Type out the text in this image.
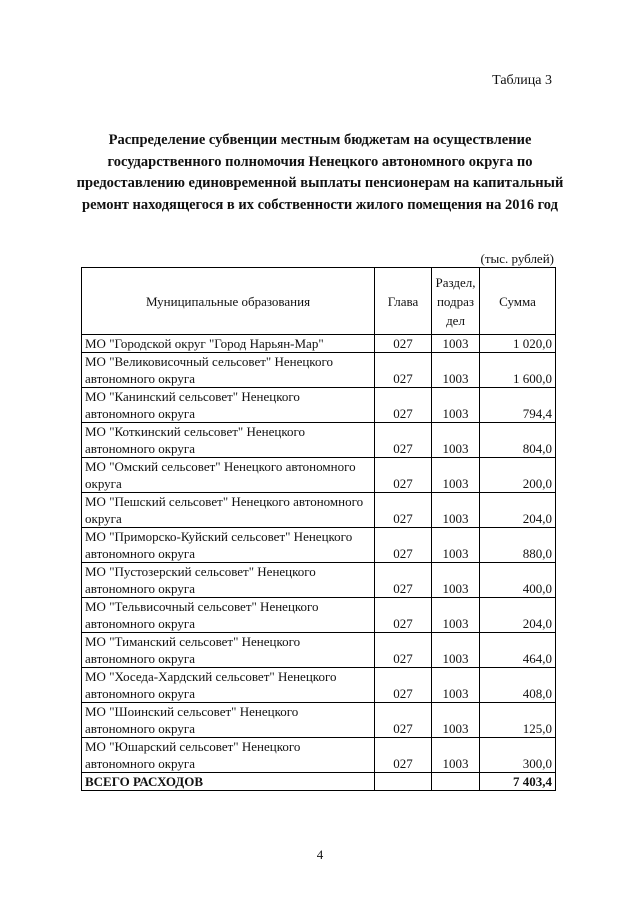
Таблица 3
Распределение субвенции местным бюджетам на осуществление государственного полномочия Ненецкого автономного округа по предоставлению единовременной выплаты пенсионерам на капитальный ремонт находящегося в их собственности жилого помещения на 2016 год
(тыс. рублей)
Муниципальные образования	Глава	Раздел, подраз дел	Сумма
МО "Городской округ "Город Нарьян-Мар"	027	1003	1 020,0
МО "Великовисочный сельсовет" Ненецкого автономного округа	027	1003	1 600,0
МО "Канинский сельсовет" Ненецкого автономного округа	027	1003	794,4
МО "Коткинский сельсовет" Ненецкого автономного округа	027	1003	804,0
МО "Омский сельсовет" Ненецкого автономного округа	027	1003	200,0
МО "Пешский сельсовет" Ненецкого автономного округа	027	1003	204,0
МО "Приморско-Куйский сельсовет" Ненецкого автономного округа	027	1003	880,0
МО "Пустозерский сельсовет" Ненецкого автономного округа	027	1003	400,0
МО "Тельвисочный сельсовет" Ненецкого автономного округа	027	1003	204,0
МО "Тиманский сельсовет" Ненецкого автономного округа	027	1003	464,0
МО "Хоседа-Хардский сельсовет" Ненецкого автономного округа	027	1003	408,0
МО "Шоинский сельсовет" Ненецкого автономного округа	027	1003	125,0
МО "Юшарский сельсовет" Ненецкого автономного округа	027	1003	300,0
ВСЕГО РАСХОДОВ			7 403,4
4
